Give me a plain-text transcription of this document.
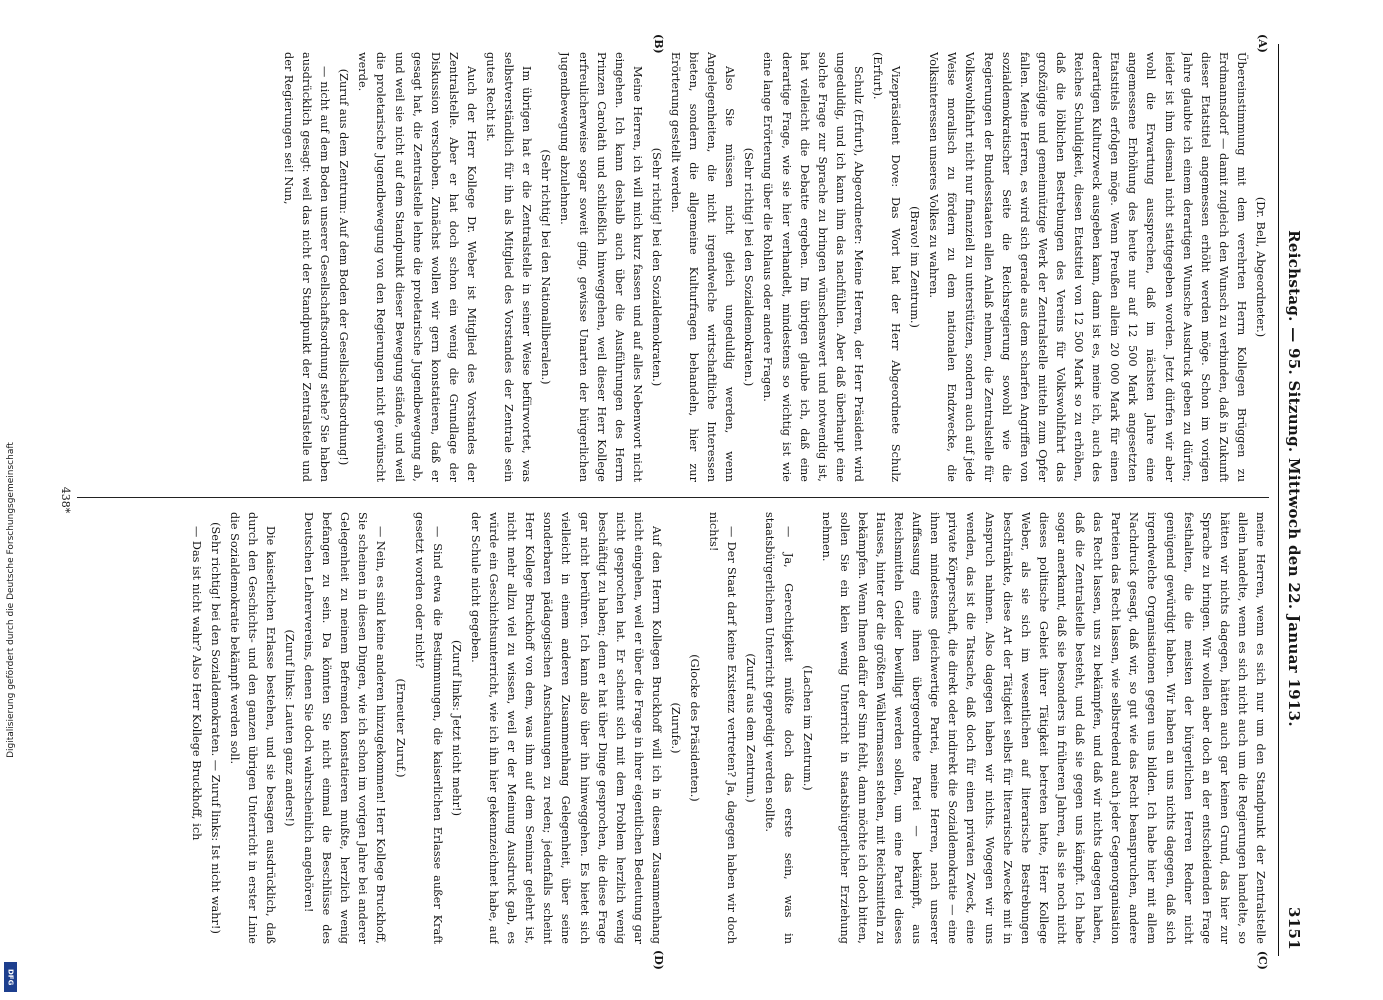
Digitalisierung gefördert durch die Deutsche Forschungsgemeinschaft
DFG
Reichstag. — 95. Sitzung. Mittwoch den 22. Januar 1913.
3151

(Dr. Bell, Abgeordneter.)

Übereinstimmung mit dem verehrten Herrn Kollegen Brüggen zu Erdmannsdorf — damit zugleich den Wunsch zu verbinden, daß in Zukunft dieser Etatstitel angemessen erhöht werden möge. Schon im vorigen Jahre glaubte ich einem derartigen Wunsche Ausdruck geben zu dürfen; leider ist ihm diesmal nicht stattgegeben worden. Jetzt dürfen wir aber wohl die Erwartung aussprechen, daß im nächsten Jahre eine angemessene Erhöhung des heute nur auf 12 500 Mark angesetzten Etatstitels erfolgen möge. Wenn Preußen allein 20 000 Mark für einen derartigen Kulturzweck ausgeben kann, dann ist es, meine ich, auch des Reiches Schuldigkeit, diesen Etatstitel von 12 500 Mark so zu erhöhen, daß die löblichen Bestrebungen des Vereins für Volkswohlfahrt das großzügige und gemeinnützige Werk der Zentralstelle mitteln zum Opfer fallen. Meine Herren, es wird sich gerade aus dem scharfen Angriffen von sozialdemokratischer Seite die Reichsregierung sowohl wie die Regierungen der Bundesstaaten allen Anlaß nehmen, die Zentralstelle für Volkswohlfahrt nicht nur finanziell zu unterstützen, sondern auch auf jede Weise moralisch zu fördern zu dem nationalen Endzwecke, die Volksinteressen unseres Volkes zu wahren.

(Bravo! im Zentrum.)

Vizepräsident Dove: Das Wort hat der Herr Abgeordnete Schulz (Erfurt).

Schulz (Erfurt), Abgeordneter: Meine Herren, der Herr Präsident wird ungeduldig, und ich kann ihm das nachfühlen. Aber daß überhaupt eine solche Frage zur Sprache zu bringen wünschenswert und notwendig ist, hat vielleicht die Debatte ergeben. Im übrigen glaube ich, daß eine derartige Frage, wie sie hier verhandelt, mindestens so wichtig ist wie eine lange Erörterung über die Rohlaus oder andere Fragen.

(Sehr richtig! bei den Sozialdemokraten.)

Also Sie müssen nicht gleich ungeduldig werden, wenn Angelegenheiten, die nicht irgendwelche wirtschaftliche Interessen bieten, sondern die allgemeine Kulturfragen behandeln, hier zur Erörterung gestellt werden.

(Sehr richtig! bei den Sozialdemokraten.)

Meine Herren, ich will mich kurz fassen und auf alles Nebenwort nicht eingehen. Ich kann deshalb auch über die Ausführungen des Herrn Prinzen Carolath und schließlich hinweggehen, weil dieser Herr Kollege erfreulicherweise sogar soweit ging, gewisse Unarten der bürgerlichen Jugendbewegung abzulehnen.

(Sehr richtig! bei den Nationalliberalen.)

Im übrigen hat er die Zentralstelle in seiner Weise befürwortet, was selbstverständlich für ihn als Mitglied des Vorstandes der Zentrale sein gutes Recht ist.

Auch der Herr Kollege Dr. Weber ist Mitglied des Vorstandes der Zentralstelle. Aber er hat doch schon ein wenig die Grundlage der Diskussion verschoben. Zunächst wollen wir gern konstatieren, daß er gesagt hat, die Zentralstelle lehne die proletarische Jugendbewegung ab, und weil sie nicht auf dem Standpunkt dieser Bewegung stände, und weil die proletarische Jugendbewegung von den Regierungen nicht gewünscht werde.

(Zuruf aus dem Zentrum: Auf dem Boden der Gesellschaftsordnung!)

— nicht auf dem Boden unserer Gesellschaftsordnung stehe? Sie haben ausdrücklich gesagt: weil das nicht der Standpunkt der Zentralstelle und der Regierungen sei! Nun,

meine Herren, wenn es sich nur um den Standpunkt der Zentralstelle allein handelte, wenn es sich nicht auch um die Regierungen handelte, so hätten wir nichts dagegen, hätten auch gar keinen Grund, das hier zur Sprache zu bringen. Wir wollen aber doch an der entscheidenden Frage festhalten, die die meisten der bürgerlichen Herren Redner nicht genügend gewürdigt haben. Wir haben an uns nichts dagegen, daß sich irgendwelche Organisationen gegen uns bilden. Ich habe hier mit allem Nachdruck gesagt, daß wir, so gut wie das Recht beanspruchen, andere Parteien das Recht lassen, wie selbstredend auch jeder Gegenorganisation das Recht lassen, uns zu bekämpfen, und daß wir nichts dagegen haben, daß die Zentralstelle besteht, und daß sie gegen uns kämpft. Ich habe sogar anerkannt, daß sie besonders in früheren Jahren, als sie noch nicht dieses politische Gebiet ihrer Tätigkeit betreten hatte, Herr Kollege Weber, als sie sich im wesentlichen auf literarische Bestrebungen beschränkte, diese Art der Tätigkeit selbst für literarische Zwecke mit in Anspruch nahmen. Also dagegen haben wir nichts. Wogegen wir uns wenden, das ist die Tatsache, daß doch für einen privaten Zweck, eine private Körperschaft, die direkt oder indirekt die Sozialdemokratie — eine ihnen mindestens gleichwertige Partei, meine Herren, nach unserer Auffassung eine ihnen übergeordnete Partei — bekämpft, aus Reichsmitteln Gelder bewilligt werden sollen, um eine Partei dieses Hauses, hinter der die größten Wählermassen stehen, mit Reichsmitteln zu bekämpfen. Wenn Ihnen dafür der Sinn fehlt, dann möchte ich doch bitten, sollen Sie ein klein wenig Unterricht in staatsbürgerlicher Erziehung nehmen.

(Lachen im Zentrum.)

— Ja, Gerechtigkeit müßte doch das erste sein, was in staatsbürgerlichem Unterricht gepredigt werden sollte.

(Zuruf aus dem Zentrum.)

— Der Staat darf keine Existenz vertreten? Ja, dagegen haben wir doch nichts!

(Glocke des Präsidenten.)

(Zurufe.)

Auf den Herrn Kollegen Bruckhoff will ich in diesem Zusammenhang nicht eingehen, weil er über die Frage in ihrer eigentlichen Bedeutung gar nicht gesprochen hat. Er scheint sich mit dem Problem herzlich wenig beschäftigt zu haben; denn er hat über Dinge gesprochen, die diese Frage gar nicht berühren. Ich kann also über ihn hinweggehen. Es bietet sich vielleicht in einem anderen Zusammenhang Gelegenheit, über seine sonderbaren pädagogischen Anschauungen zu reden; jedenfalls scheint Herr Kollege Bruckhoff von dem, was ihm auf dem Seminar gelehrt ist, nicht mehr allzu viel zu wissen, weil er der Meinung Ausdruck gab, es würde ein Geschichtsunterricht, wie ich ihn hier gekennzeichnet habe, auf der Schule nicht gegeben.

(Zuruf links: Jetzt nicht mehr!)

— Sind etwa die Bestimmungen, die kaiserlichen Erlasse außer Kraft gesetzt worden oder nicht?

(Erneuter Zuruf.)

— Nein, es sind keine anderen hinzugekommen! Herr Kollege Bruckhoff, Sie scheinen in diesen Dingen, wie ich schon im vorigen Jahre bei anderer Gelegenheit zu meinem Befremden konstatieren mußte, herzlich wenig befangen zu sein. Da könnten Sie nicht einmal die Beschlüsse des Deutschen Lehrervereins, denen Sie doch wahrscheinlich angehören!

(Zuruf links: Lauten ganz anders!)

Die kaiserlichen Erlasse bestehen, und sie besagen ausdrücklich, daß durch den Geschichts- und den ganzen übrigen Unterricht in erster Linie die Sozialdemokratie bekämpft werden soll.

(Sehr richtig! bei den Sozialdemokraten. — Zuruf links: Ist nicht wahr!)

— Das ist nicht wahr? Also Herr Kollege Bruckhoff, ich

(A)
(B)
(C)
(D)
438*
